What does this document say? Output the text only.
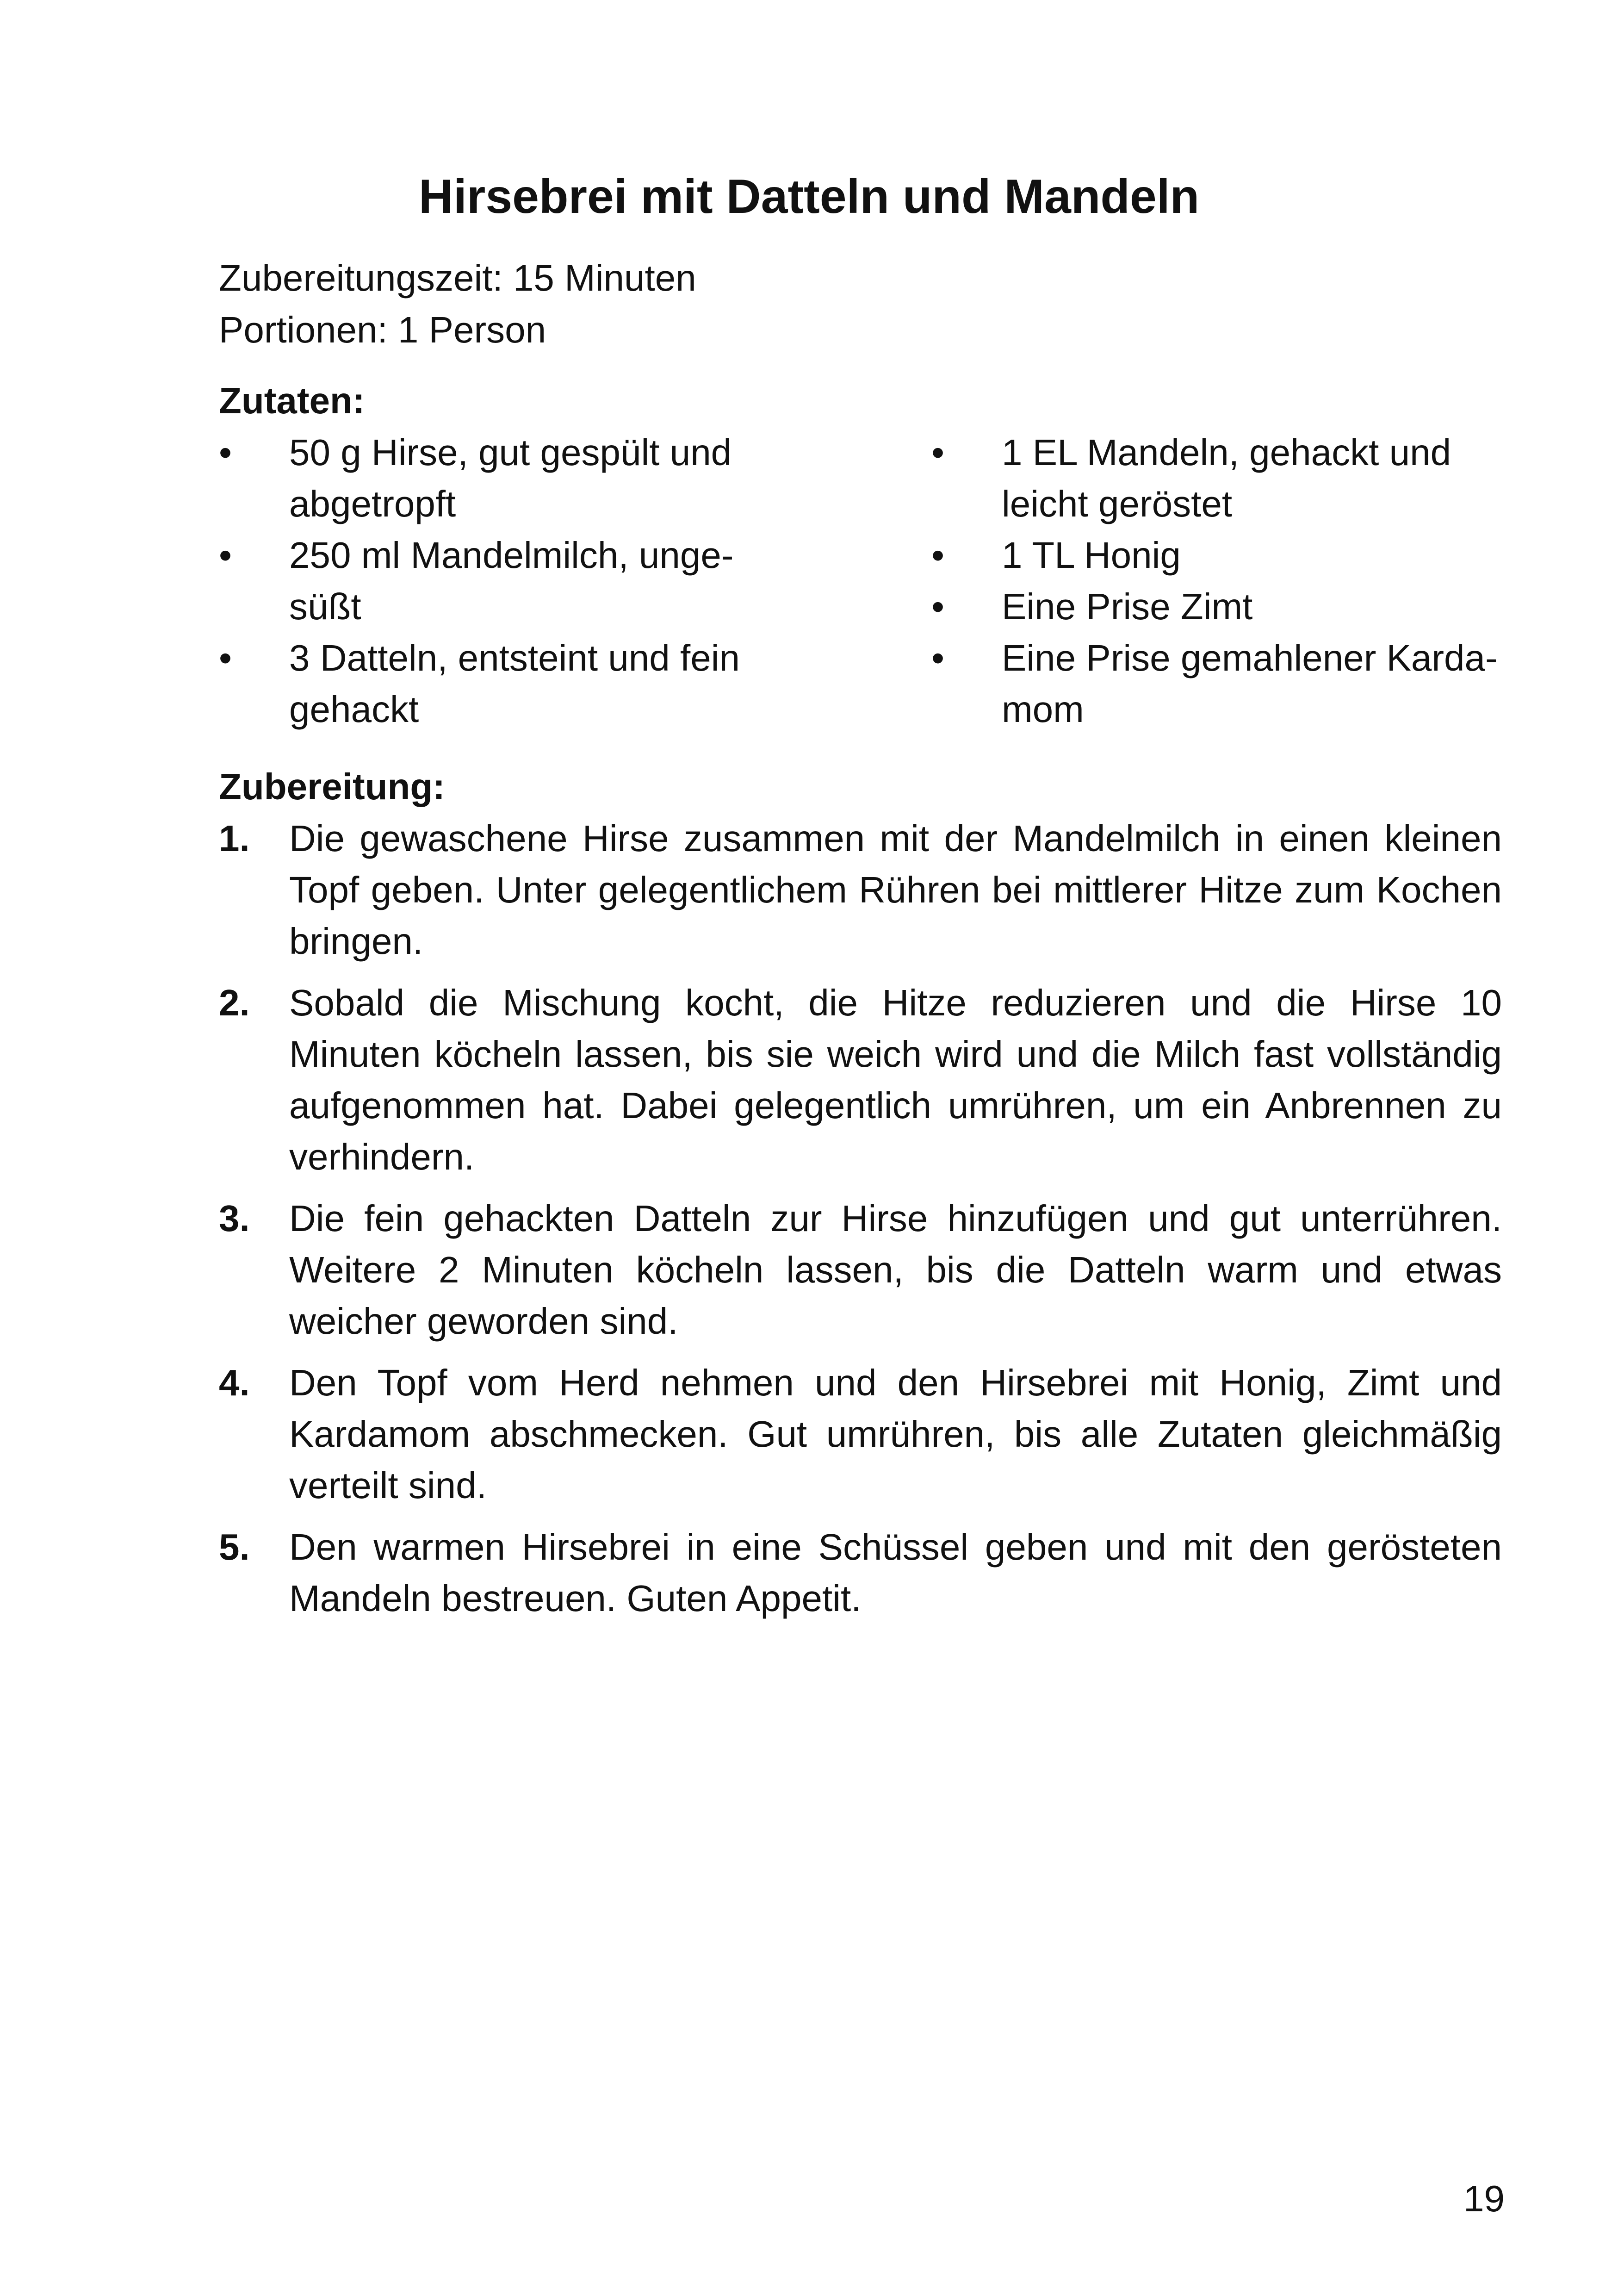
Hirsebrei mit Datteln und Mandeln
Zubereitungszeit: 15 Minuten
Portionen: 1 Person
Zutaten:
•	50 g Hirse, gut gespült und
abgetropft
•	250 ml Mandelmilch, unge-
süßt
•	3 Datteln, entsteint und fein
gehackt
•	1 EL Mandeln, gehackt und
leicht geröstet
•	1 TL Honig
•	Eine Prise Zimt
•	Eine Prise gemahlener Karda-
mom
Zubereitung:
1. Die gewaschene Hirse zusammen mit der Mandelmilch in einen kleinen Topf geben. Unter gelegentlichem Rühren bei mittlerer Hitze zum Kochen bringen.
2. Sobald die Mischung kocht, die Hitze reduzieren und die Hirse 10 Minuten köcheln lassen, bis sie weich wird und die Milch fast vollständig aufgenommen hat. Dabei gelegentlich umrühren, um ein Anbrennen zu verhindern.
3. Die fein gehackten Datteln zur Hirse hinzufügen und gut unterrühren. Weitere 2 Minuten köcheln lassen, bis die Datteln warm und etwas weicher geworden sind.
4. Den Topf vom Herd nehmen und den Hirsebrei mit Honig, Zimt und Kardamom abschmecken. Gut umrühren, bis alle Zutaten gleichmäßig verteilt sind.
5. Den warmen Hirsebrei in eine Schüssel geben und mit den gerösteten Mandeln bestreuen. Guten Appetit.
19
